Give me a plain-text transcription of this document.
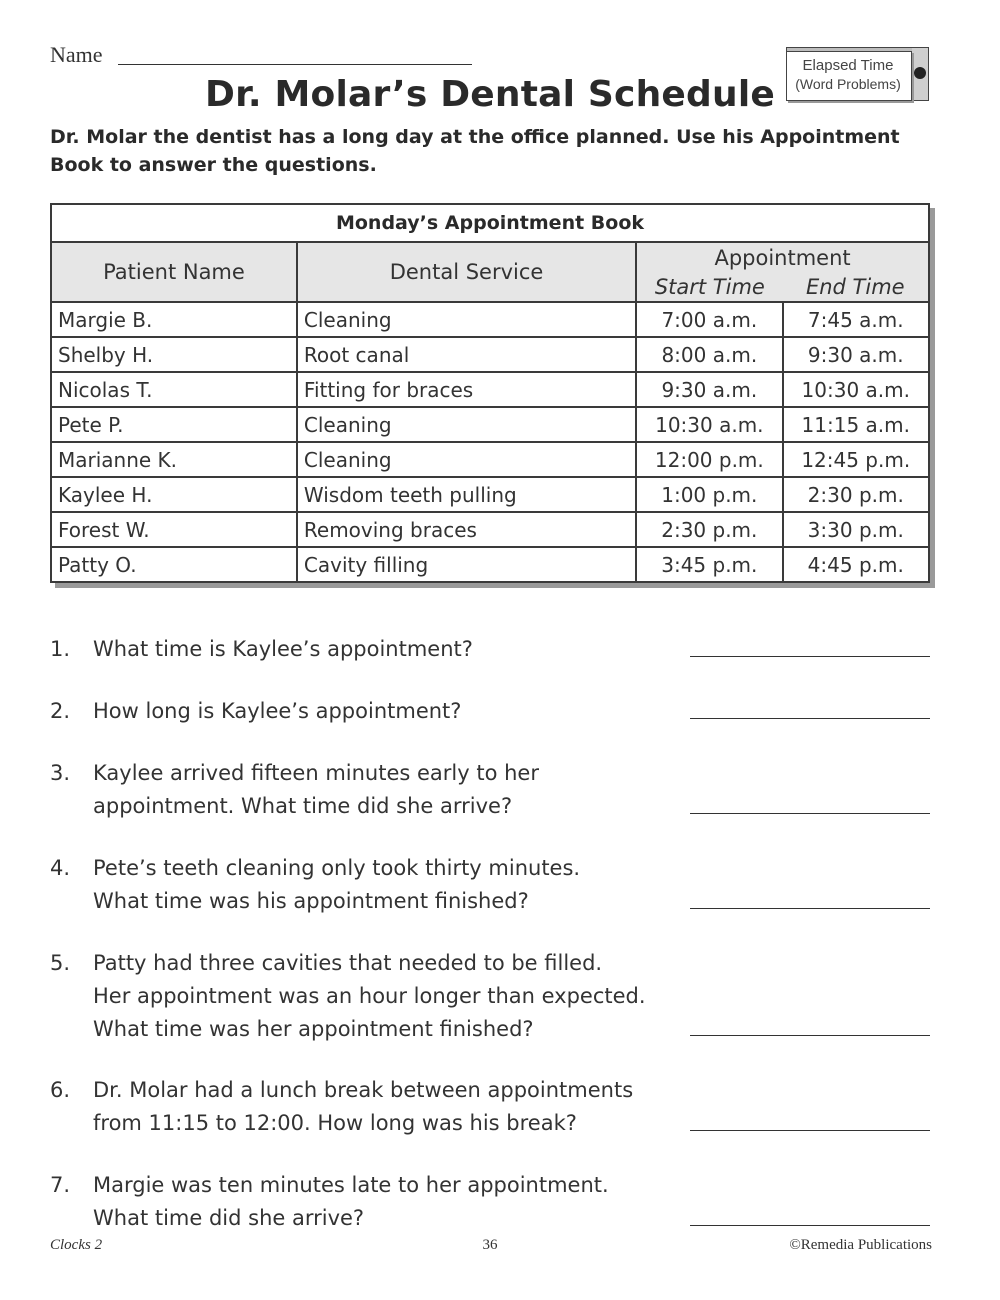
Name	Elapsed Time
(Word Problems)
Dr. Molar’s Dental Schedule
Dr. Molar the dentist has a long day at the office planned. Use his Appointment Book to answer the questions.
Monday’s Appointment Book			
Patient Name	Dental Service	Appointment	
		Start Time	End Time
Margie B.	Cleaning	7:00 a.m.	7:45 a.m.
Shelby H.	Root canal	8:00 a.m.	9:30 a.m.
Nicolas T.	Fitting for braces	9:30 a.m.	10:30 a.m.
Pete P.	Cleaning	10:30 a.m.	11:15 a.m.
Marianne K.	Cleaning	12:00 p.m.	12:45 p.m.
Kaylee H.	Wisdom teeth pulling	1:00 p.m.	2:30 p.m.
Forest W.	Removing braces	2:30 p.m.	3:30 p.m.
Patty O.	Cavity filling	3:45 p.m.	4:45 p.m.
1.	What time is Kaylee’s appointment?
2.	How long is Kaylee’s appointment?
3.	Kaylee arrived fifteen minutes early to her
appointment. What time did she arrive?
4.	Pete’s teeth cleaning only took thirty minutes.
What time was his appointment finished?
5.	Patty had three cavities that needed to be filled.
Her appointment was an hour longer than expected.
What time was her appointment finished?
6.	Dr. Molar had a lunch break between appointments
from 11:15 to 12:00. How long was his break?
7.	Margie was ten minutes late to her appointment.
What time did she arrive?
Clocks 2	36	©Remedia Publications
